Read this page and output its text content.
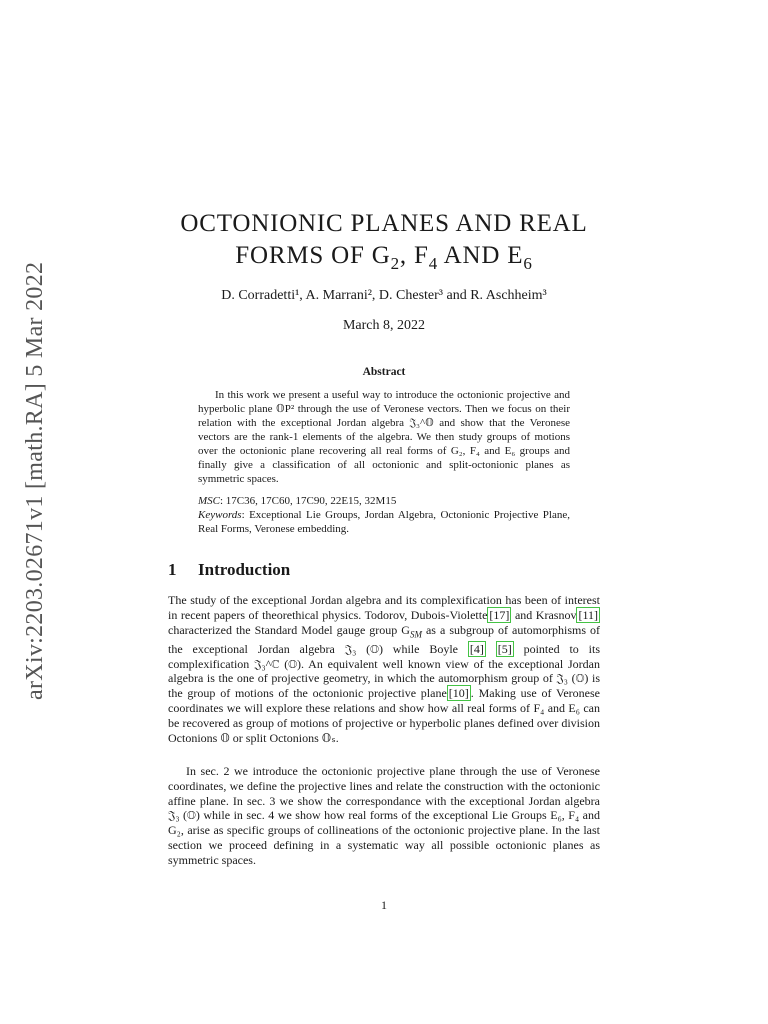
arXiv:2203.02671v1 [math.RA] 5 Mar 2022
OCTONIONIC PLANES AND REAL
FORMS OF $G_2$, $F_4$ AND $E_6$
D. Corradetti¹, A. Marrani², D. Chester³ and R. Aschheim³
March 8, 2022
Abstract

In this work we present a useful way to introduce the octonionic projective and hyperbolic plane 𝕆P² through the use of Veronese vectors. Then we focus on their relation with the exceptional Jordan algebra 𝔍₃^𝕆 and show that the Veronese vectors are the rank-1 elements of the algebra. We then study groups of motions over the octonionic plane recovering all real forms of G₂, F₄ and E₆ groups and finally give a classification of all octonionic and split-octonionic planes as symmetric spaces.

MSC: 17C36, 17C60, 17C90, 22E15, 32M15

Keywords: Exceptional Lie Groups, Jordan Algebra, Octonionic Projective Plane, Real Forms, Veronese embedding.

1 Introduction

The study of the exceptional Jordan algebra and its complexification has been of interest in recent papers of theorethical physics. Todorov, Dubois-Violette [17] and Krasnov [11] characterized the Standard Model gauge group $G_{SM}$ as a subgroup of automorphisms of the exceptional Jordan algebra 𝔍₃ (𝕆) while Boyle [4] [5] pointed to its complexification 𝔍₃^ℂ (𝕆). An equivalent well known view of the exceptional Jordan algebra is the one of projective geometry, in which the automorphism group of 𝔍₃ (𝕆) is the group of motions of the octonionic projective plane [10] . Making use of Veronese coordinates we will explore these relations and show how all real forms of F₄ and E₆ can be recovered as group of motions of projective or hyperbolic planes defined over division Octonions 𝕆 or split Octonions 𝕆ₛ.

In sec. 2 we introduce the octonionic projective plane through the use of Veronese coordinates, we define the projective lines and relate the construction with the octonionic affine plane. In sec. 3 we show the correspondance with the exceptional Jordan algebra 𝔍₃ (𝕆) while in sec. 4 we show how real forms of the exceptional Lie Groups E₆, F₄ and G₂, arise as specific groups of collineations of the octonionic projective plane. In the last section we proceed defining in a systematic way all possible octonionic planes as symmetric spaces.

1
